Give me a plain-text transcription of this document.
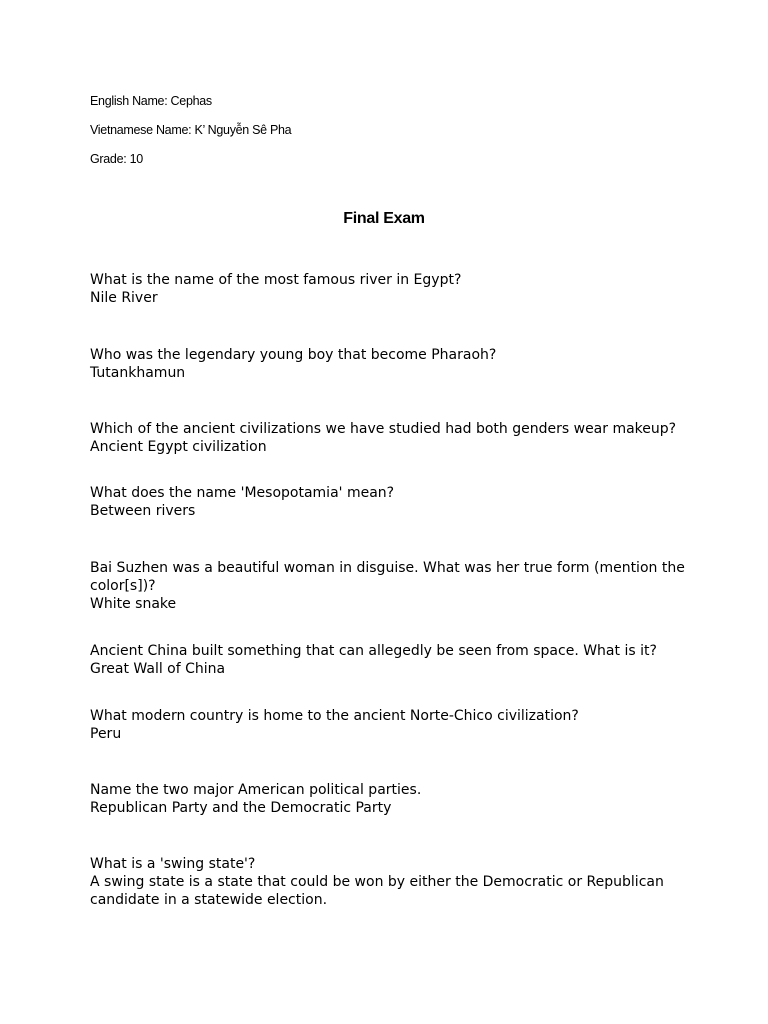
English Name: Cephas
Vietnamese Name: K’ Nguyễn Sê Pha
Grade: 10
Final Exam
What is the name of the most famous river in Egypt?
Nile River
Who was the legendary young boy that become Pharaoh?
Tutankhamun
Which of the ancient civilizations we have studied had both genders wear makeup?
Ancient Egypt civilization
What does the name 'Mesopotamia' mean?
Between rivers
Bai Suzhen was a beautiful woman in disguise. What was her true form (mention the color[s])?
White snake
Ancient China built something that can allegedly be seen from space. What is it?
Great Wall of China
What modern country is home to the ancient Norte-Chico civilization?
Peru
Name the two major American political parties.
Republican Party and the Democratic Party
What is a 'swing state'?
A swing state is a state that could be won by either the Democratic or Republican candidate in a statewide election.
